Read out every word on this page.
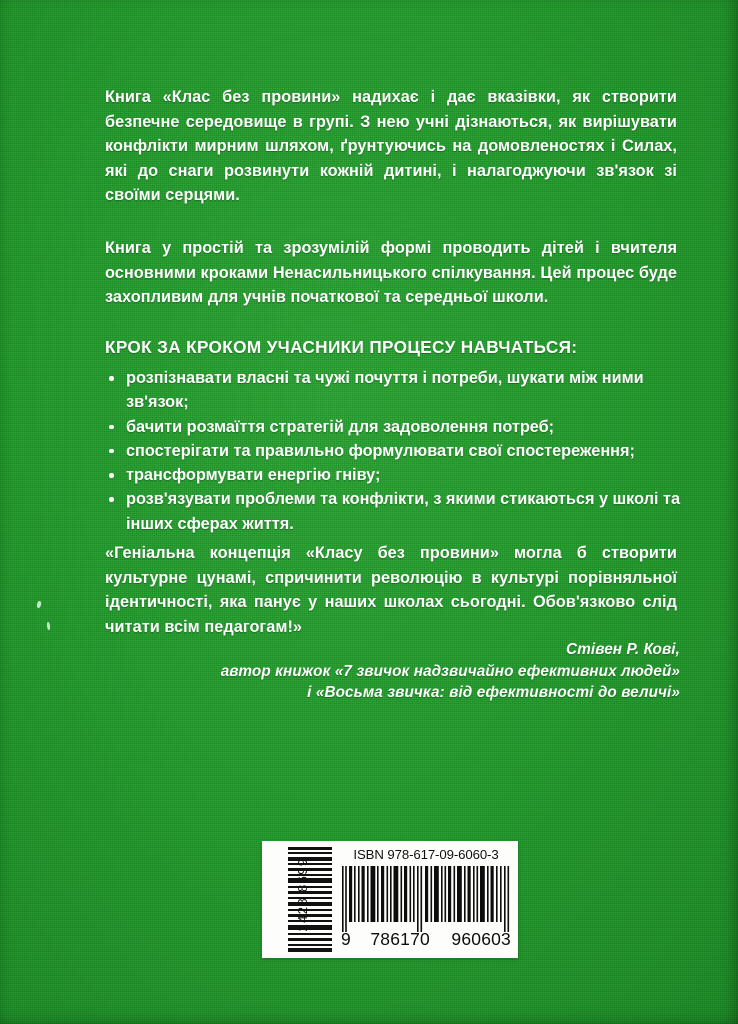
Книга «Клас без провини» надихає і дає вказівки, як створити безпечне середовище в групі. З нею учні дізнаються, як вирішувати конфлікти мирним шляхом, ґрунтуючись на домовленостях і Силах, які до снаги розвинути кожній дитині, і налагоджуючи зв'язок зі своїми серцями.

Книга у простій та зрозумілій формі проводить дітей і вчителя основними кроками Ненасильницького спілкування. Цей процес буде захопливим для учнів початкової та середньої школи.

КРОК ЗА КРОКОМ УЧАСНИКИ ПРОЦЕСУ НАВЧАТЬСЯ:
розпізнавати власні та чужі почуття і потреби, шукати між ними зв'язок;
бачити розмаїття стратегій для задоволення потреб;
спостерігати та правильно формулювати свої спостереження;
трансформувати енергію гніву;
розв'язувати проблеми та конфлікти, з якими стикаються у школі та інших сферах життя.

«Геніальна концепція «Класу без провини» могла б створити культурне цунамі, спричинити революцію в культурі порівняльної ідентичності, яка панує у наших школах сьогодні. Обов'язково слід читати всім педагогам!»

Стівен Р. Кові,
автор книжок «7 звичок надзвичайно ефективних людей»
і «Восьма звичка: від ефективності до величі»
2428 8699
ISBN 978-617-09-6060-3
9 786170 960603
